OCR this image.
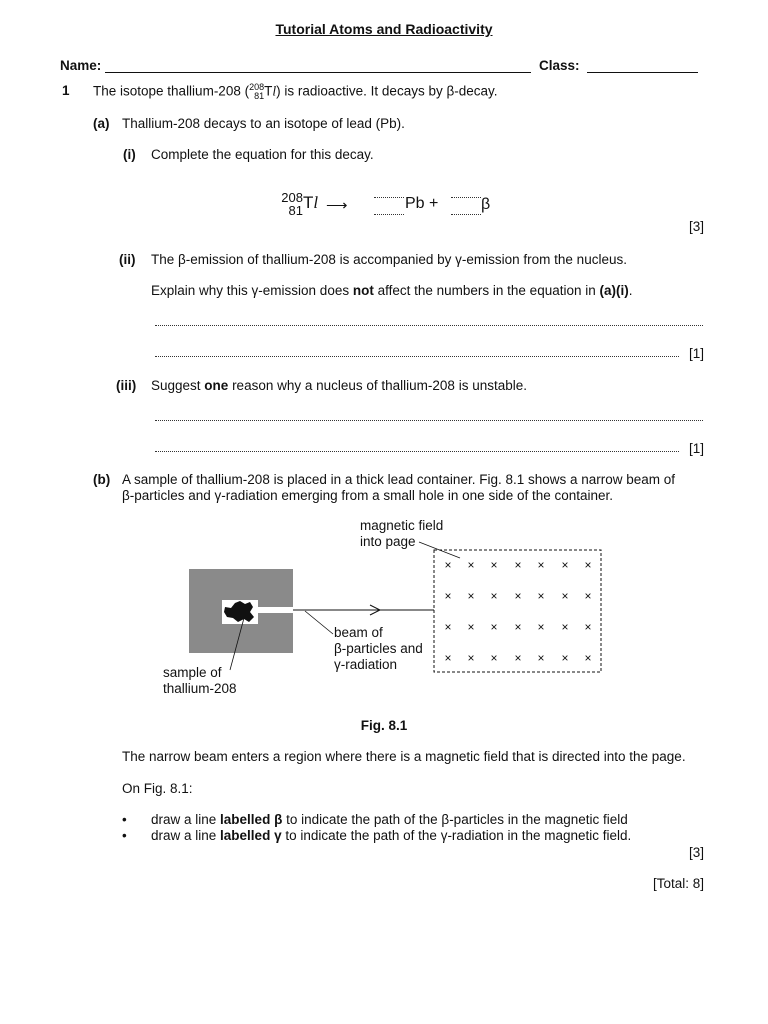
Tutorial Atoms and Radioactivity
Name:	Class:
1 The isotope thallium-208 (208
81Tl) is radioactive. It decays by β-decay.
(a) Thallium-208 decays to an isotope of lead (Pb).
(i) Complete the equation for this decay.
208
81 Tl ⟶	Pb +	β
[3]
(ii) The β-emission of thallium-208 is accompanied by γ-emission from the nucleus.
Explain why this γ-emission does not affect the numbers in the equation in (a)(i).
[1]
(iii) Suggest one reason why a nucleus of thallium-208 is unstable.
[1]
(b) A sample of thallium-208 is placed in a thick lead container. Fig. 8.1 shows a narrow beam of
β-particles and γ-radiation emerging from a small hole in one side of the container.
× × × × × × ×
× × × × × × ×
× × × × × × ×
× × × × × × ×
magnetic field
into page
beam of
β-particles and
γ-radiation
sample of
thallium-208
Fig. 8.1
The narrow beam enters a region where there is a magnetic field that is directed into the page.
On Fig. 8.1:
• draw a line labelled β to indicate the path of the β-particles in the magnetic field
• draw a line labelled γ to indicate the path of the γ-radiation in the magnetic field.
[3]
[Total: 8]
